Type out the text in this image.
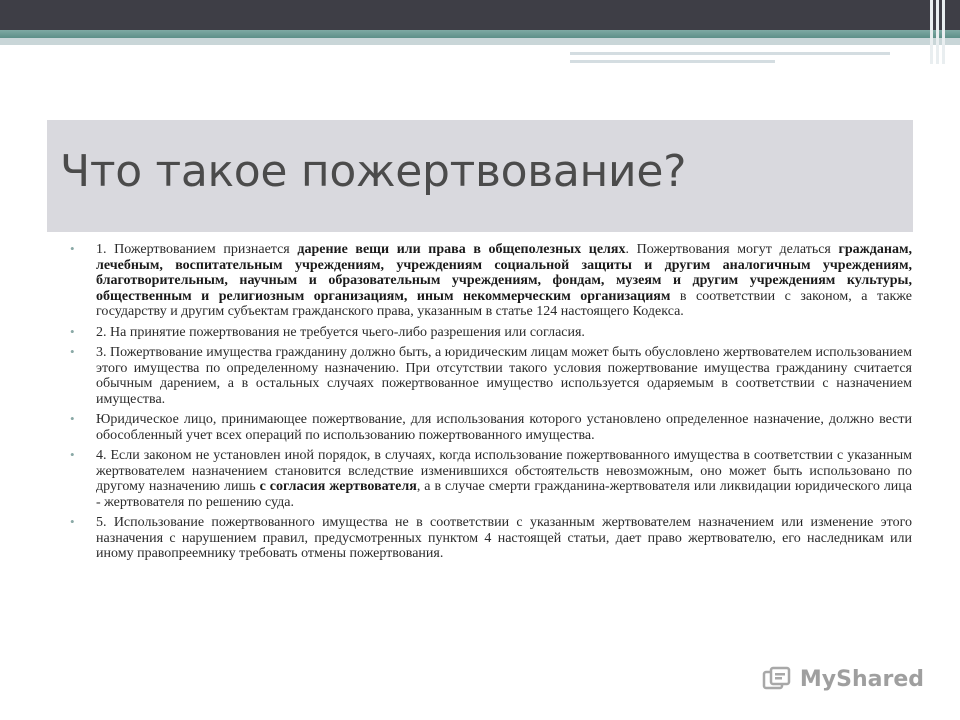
Что такое пожертвование?
• 1. Пожертвованием признается дарение вещи или права в общеполезных целях. Пожертвования могут делаться гражданам, лечебным, воспитательным учреждениям, учреждениям социальной защиты и другим аналогичным учреждениям, благотворительным, научным и образовательным учреждениям, фондам, музеям и другим учреждениям культуры, общественным и религиозным организациям, иным некоммерческим организациям в соответствии с законом, а также государству и другим субъектам гражданского права, указанным в статье 124 настоящего Кодекса.
• 2. На принятие пожертвования не требуется чьего-либо разрешения или согласия.
• 3. Пожертвование имущества гражданину должно быть, а юридическим лицам может быть обусловлено жертвователем использованием этого имущества по определенному назначению. При отсутствии такого условия пожертвование имущества гражданину считается обычным дарением, а в остальных случаях пожертвованное имущество используется одаряемым в соответствии с назначением имущества.
• Юридическое лицо, принимающее пожертвование, для использования которого установлено определенное назначение, должно вести обособленный учет всех операций по использованию пожертвованного имущества.
• 4. Если законом не установлен иной порядок, в случаях, когда использование пожертвованного имущества в соответствии с указанным жертвователем назначением становится вследствие изменившихся обстоятельств невозможным, оно может быть использовано по другому назначению лишь с согласия жертвователя, а в случае смерти гражданина-жертвователя или ликвидации юридического лица - жертвователя по решению суда.
• 5. Использование пожертвованного имущества не в соответствии с указанным жертвователем назначением или изменение этого назначения с нарушением правил, предусмотренных пунктом 4 настоящей статьи, дает право жертвователю, его наследникам или иному правопреемнику требовать отмены пожертвования.
MyShared
